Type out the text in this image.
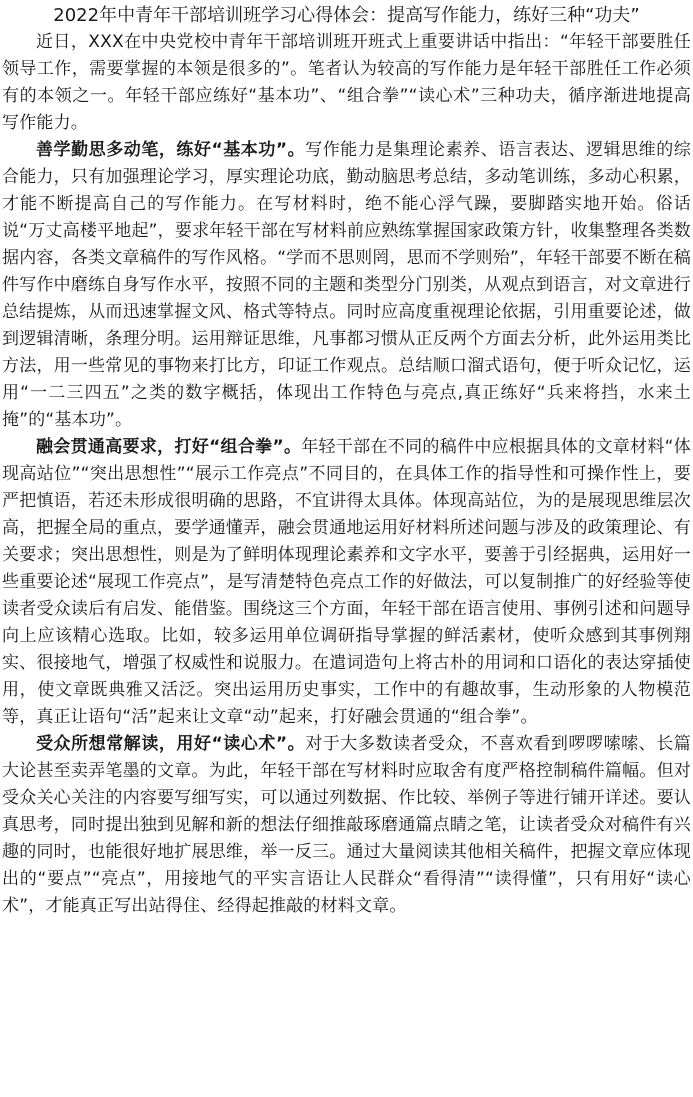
2022年中青年干部培训班学习心得体会：提高写作能力，练好三种“功夫”

近日，XXX在中央党校中青年干部培训班开班式上重要讲话中指出：“年轻干部要胜任领导工作，需要掌握的本领是很多的”。笔者认为较高的写作能力是年轻干部胜任工作必须有的本领之一。年轻干部应练好“基本功”、“组合拳”“读心术”三种功夫，循序渐进地提高写作能力。

善学勤思多动笔，练好“基本功”。写作能力是集理论素养、语言表达、逻辑思维的综合能力，只有加强理论学习，厚实理论功底，勤动脑思考总结，多动笔训练，多动心积累，才能不断提高自己的写作能力。在写材料时，绝不能心浮气躁，要脚踏实地开始。俗话说“万丈高楼平地起”，要求年轻干部在写材料前应熟练掌握国家政策方针，收集整理各类数据内容，各类文章稿件的写作风格。“学而不思则罔，思而不学则殆”，年轻干部要不断在稿件写作中磨练自身写作水平，按照不同的主题和类型分门别类，从观点到语言，对文章进行总结提炼，从而迅速掌握文风、格式等特点。同时应高度重视理论依据，引用重要论述，做到逻辑清晰，条理分明。运用辩证思维，凡事都习惯从正反两个方面去分析，此外运用类比方法，用一些常见的事物来打比方，印证工作观点。总结顺口溜式语句，便于听众记忆，运用“一二三四五”之类的数字概括，体现出工作特色与亮点,真正练好“兵来将挡，水来土掩”的“基本功”。

融会贯通高要求，打好“组合拳”。年轻干部在不同的稿件中应根据具体的文章材料“体现高站位”“突出思想性”“展示工作亮点”不同目的，在具体工作的指导性和可操作性上，要严把慎语，若还未形成很明确的思路，不宜讲得太具体。体现高站位，为的是展现思维层次高，把握全局的重点，要学通懂弄，融会贯通地运用好材料所述问题与涉及的政策理论、有关要求；突出思想性，则是为了鲜明体现理论素养和文字水平，要善于引经据典，运用好一些重要论述“展现工作亮点”，是写清楚特色亮点工作的好做法，可以复制推广的好经验等使读者受众读后有启发、能借鉴。围绕这三个方面，年轻干部在语言使用、事例引述和问题导向上应该精心选取。比如，较多运用单位调研指导掌握的鲜活素材，使听众感到其事例翔实、很接地气，增强了权威性和说服力。在遣词造句上将古朴的用词和口语化的表达穿插使用，使文章既典雅又活泛。突出运用历史事实，工作中的有趣故事，生动形象的人物模范等，真正让语句“活”起来让文章“动”起来，打好融会贯通的“组合拳”。

受众所想常解读，用好“读心术”。对于大多数读者受众，不喜欢看到啰啰嗦嗦、长篇大论甚至卖弄笔墨的文章。为此，年轻干部在写材料时应取舍有度严格控制稿件篇幅。但对受众关心关注的内容要写细写实，可以通过列数据、作比较、举例子等进行铺开详述。要认真思考，同时提出独到见解和新的想法仔细推敲琢磨通篇点睛之笔，让读者受众对稿件有兴趣的同时，也能很好地扩展思维，举一反三。通过大量阅读其他相关稿件，把握文章应体现出的“要点”“亮点”，用接地气的平实言语让人民群众“看得清”“读得懂”，只有用好“读心术”，才能真正写出站得住、经得起推敲的材料文章。
